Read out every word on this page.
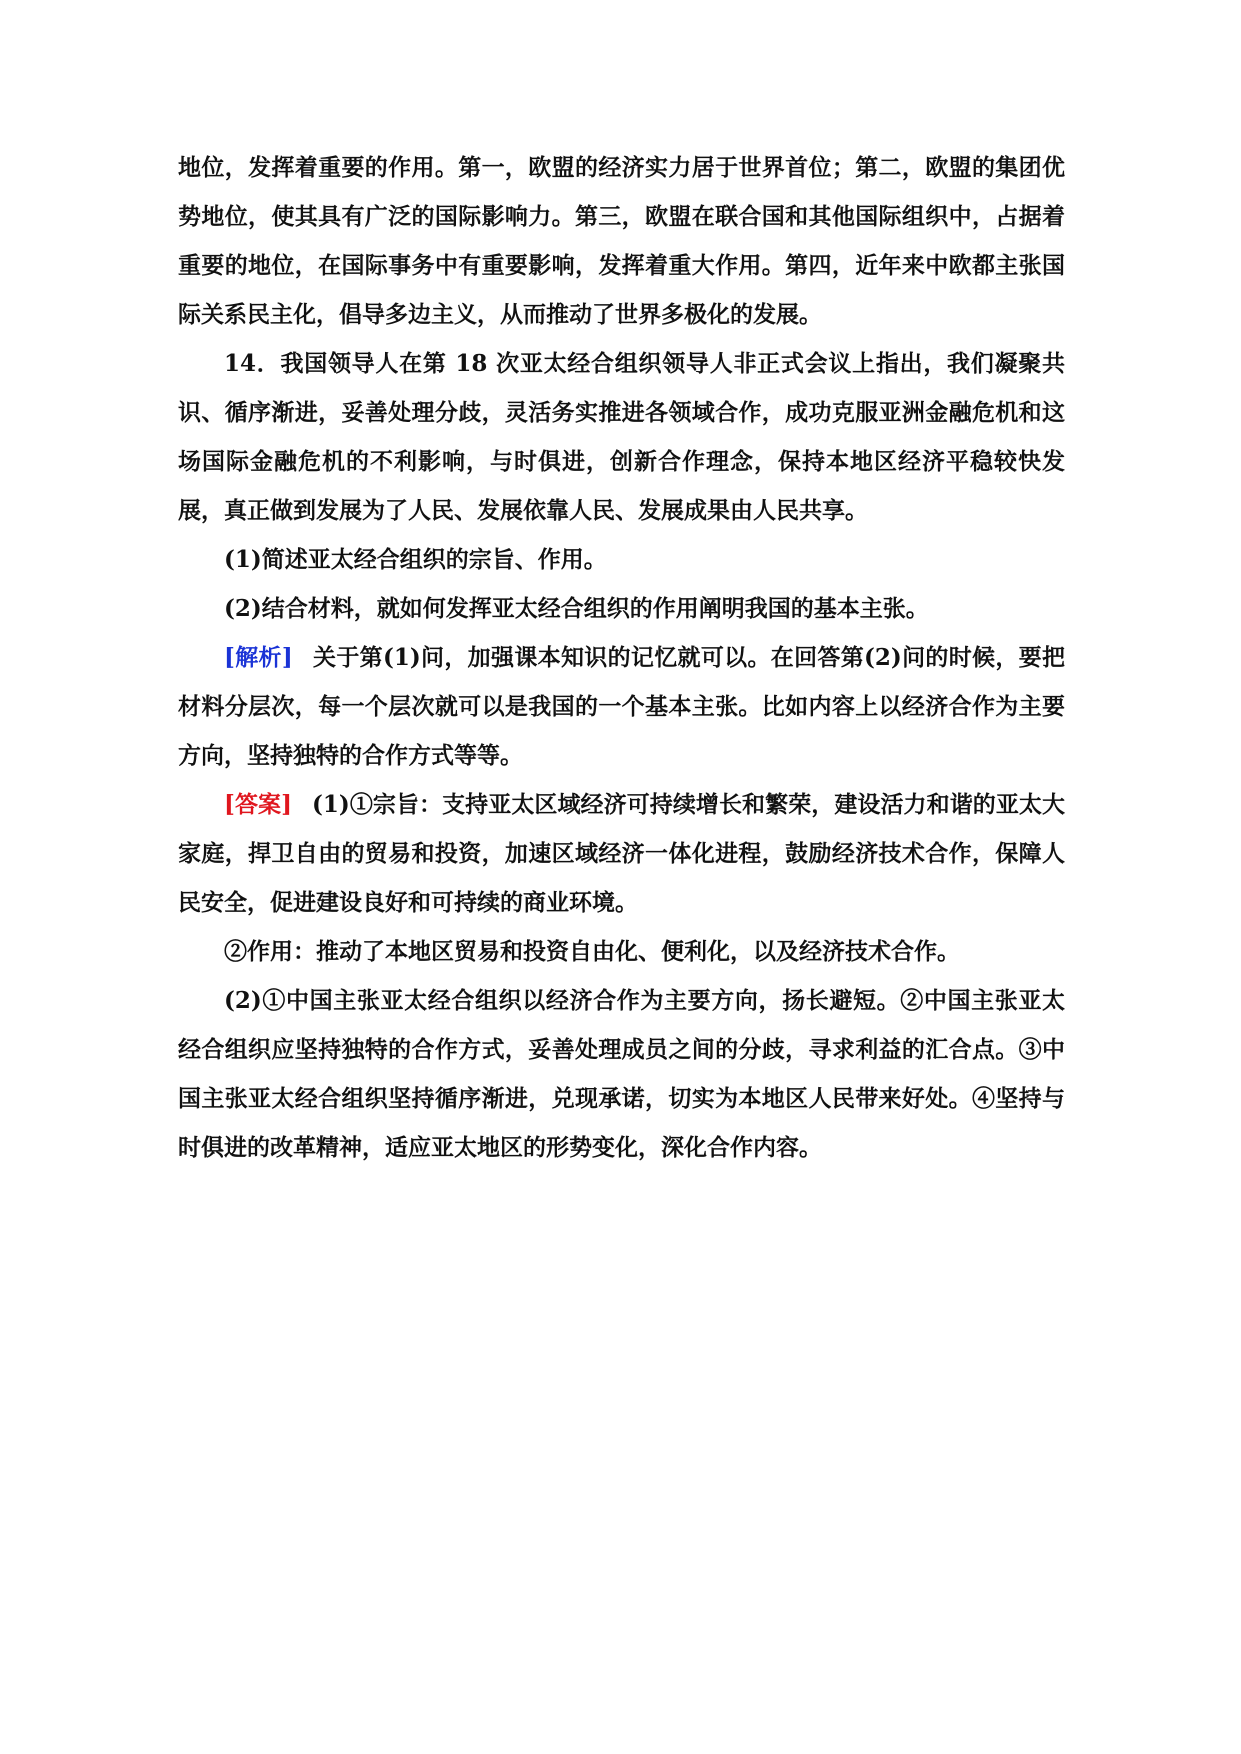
地位，发挥着重要的作用。第一，欧盟的经济实力居于世界首位；第二，欧盟的集团优势地位，使其具有广泛的国际影响力。第三，欧盟在联合国和其他国际组织中，占据着重要的地位，在国际事务中有重要影响，发挥着重大作用。第四，近年来中欧都主张国际关系民主化，倡导多边主义，从而推动了世界多极化的发展。

14．我国领导人在第 18 次亚太经合组织领导人非正式会议上指出，我们凝聚共识、循序渐进，妥善处理分歧，灵活务实推进各领域合作，成功克服亚洲金融危机和这场国际金融危机的不利影响，与时俱进，创新合作理念，保持本地区经济平稳较快发展，真正做到发展为了人民、发展依靠人民、发展成果由人民共享。

(1)简述亚太经合组织的宗旨、作用。

(2)结合材料，就如何发挥亚太经合组织的作用阐明我国的基本主张。

[解析] 关于第(1)问，加强课本知识的记忆就可以。在回答第(2)问的时候，要把材料分层次，每一个层次就可以是我国的一个基本主张。比如内容上以经济合作为主要方向，坚持独特的合作方式等等。

[答案] (1)①宗旨：支持亚太区域经济可持续增长和繁荣，建设活力和谐的亚太大家庭，捍卫自由的贸易和投资，加速区域经济一体化进程，鼓励经济技术合作，保障人民安全，促进建设良好和可持续的商业环境。

②作用：推动了本地区贸易和投资自由化、便利化，以及经济技术合作。

(2)①中国主张亚太经合组织以经济合作为主要方向，扬长避短。②中国主张亚太经合组织应坚持独特的合作方式，妥善处理成员之间的分歧，寻求利益的汇合点。③中国主张亚太经合组织坚持循序渐进，兑现承诺，切实为本地区人民带来好处。④坚持与时俱进的改革精神，适应亚太地区的形势变化，深化合作内容。
